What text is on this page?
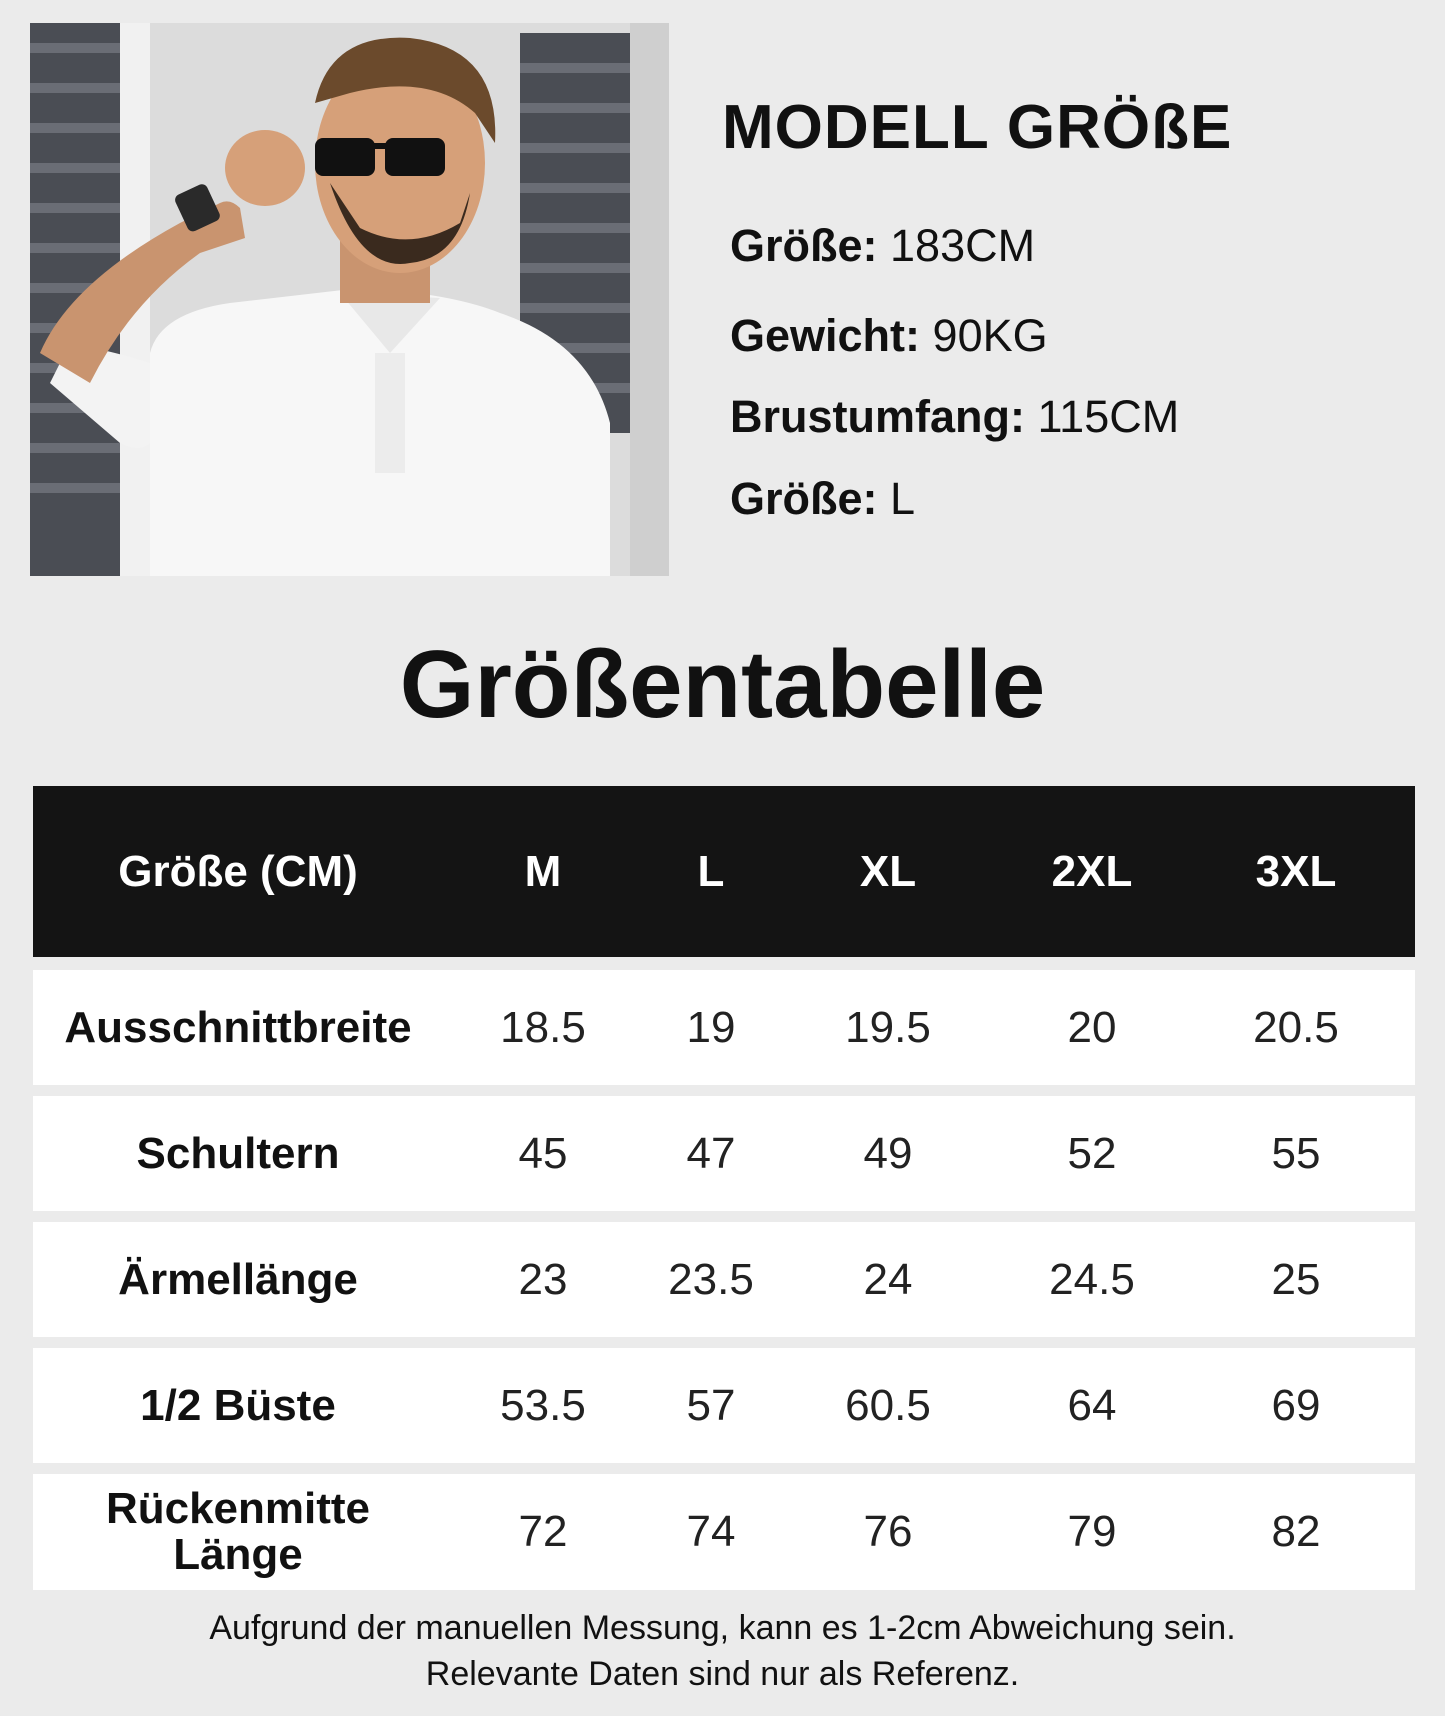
MODELL GRÖßE
Größe: 183CM
Gewicht: 90KG
Brustumfang: 115CM
Größe: L
Größentabelle
Größe (CM)	M	L	XL	2XL	3XL
Ausschnittbreite	18.5	19	19.5	20	20.5
Schultern	45	47	49	52	55
Ärmellänge	23	23.5	24	24.5	25
1/2 Büste	53.5	57	60.5	64	69
Rückenmitte
Länge	72	74	76	79	82
Aufgrund der manuellen Messung, kann es 1-2cm Abweichung sein.
Relevante Daten sind nur als Referenz.
